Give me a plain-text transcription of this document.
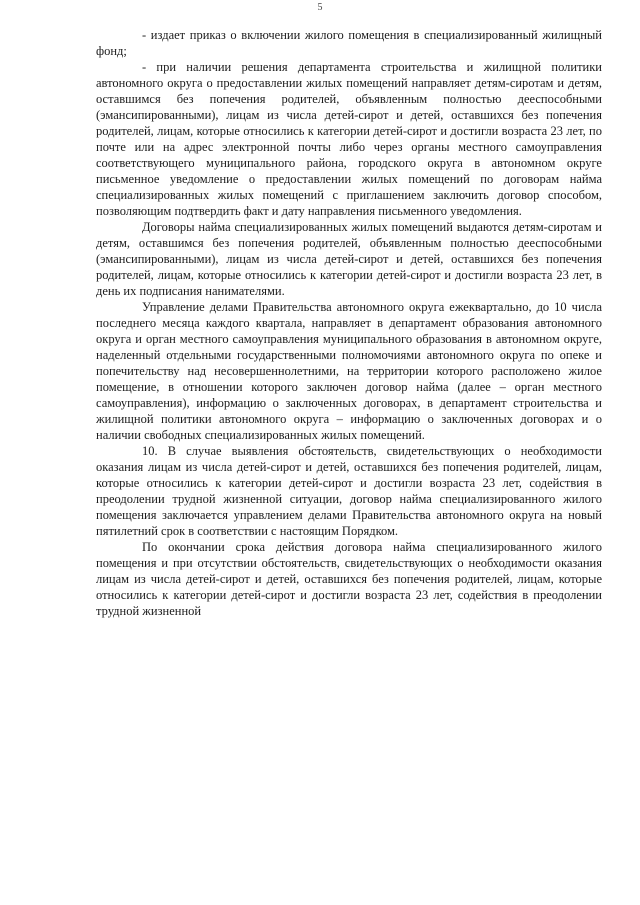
5

- издает приказ о включении жилого помещения в специализированный жилищный фонд;

- при наличии решения департамента строительства и жилищной политики автономного округа о предоставлении жилых помещений направляет детям-сиротам и детям, оставшимся без попечения родителей, объявленным полностью дееспособными (эмансипированными), лицам из числа детей-сирот и детей, оставшихся без попечения родителей, лицам, которые относились к категории детей-сирот и достигли возраста 23 лет, по почте или на адрес электронной почты либо через органы местного самоуправления соответствующего муниципального района, городского округа в автономном округе письменное уведомление о предоставлении жилых помещений по договорам найма специализированных жилых помещений с приглашением заключить договор способом, позволяющим подтвердить факт и дату направления письменного уведомления.

Договоры найма специализированных жилых помещений выдаются детям-сиротам и детям, оставшимся без попечения родителей, объявленным полностью дееспособными (эмансипированными), лицам из числа детей-сирот и детей, оставшихся без попечения родителей, лицам, которые относились к категории детей-сирот и достигли возраста 23 лет, в день их подписания нанимателями.

Управление делами Правительства автономного округа ежеквартально, до 10 числа последнего месяца каждого квартала, направляет в департамент образования автономного округа и орган местного самоуправления муниципального образования в автономном округе, наделенный отдельными государственными полномочиями автономного округа по опеке и попечительству над несовершеннолетними, на территории которого расположено жилое помещение, в отношении которого заключен договор найма (далее – орган местного самоуправления), информацию о заключенных договорах, в департамент строительства и жилищной политики автономного округа – информацию о заключенных договорах и о наличии свободных специализированных жилых помещений.

10. В случае выявления обстоятельств, свидетельствующих о необходимости оказания лицам из числа детей-сирот и детей, оставшихся без попечения родителей, лицам, которые относились к категории детей-сирот и достигли возраста 23 лет, содействия в преодолении трудной жизненной ситуации, договор найма специализированного жилого помещения заключается управлением делами Правительства автономного округа на новый пятилетний срок в соответствии с настоящим Порядком.

По окончании срока действия договора найма специализированного жилого помещения и при отсутствии обстоятельств, свидетельствующих о необходимости оказания лицам из числа детей-сирот и детей, оставшихся без попечения родителей, лицам, которые относились к категории детей-сирот и достигли возраста 23 лет, содействия в преодолении трудной жизненной
